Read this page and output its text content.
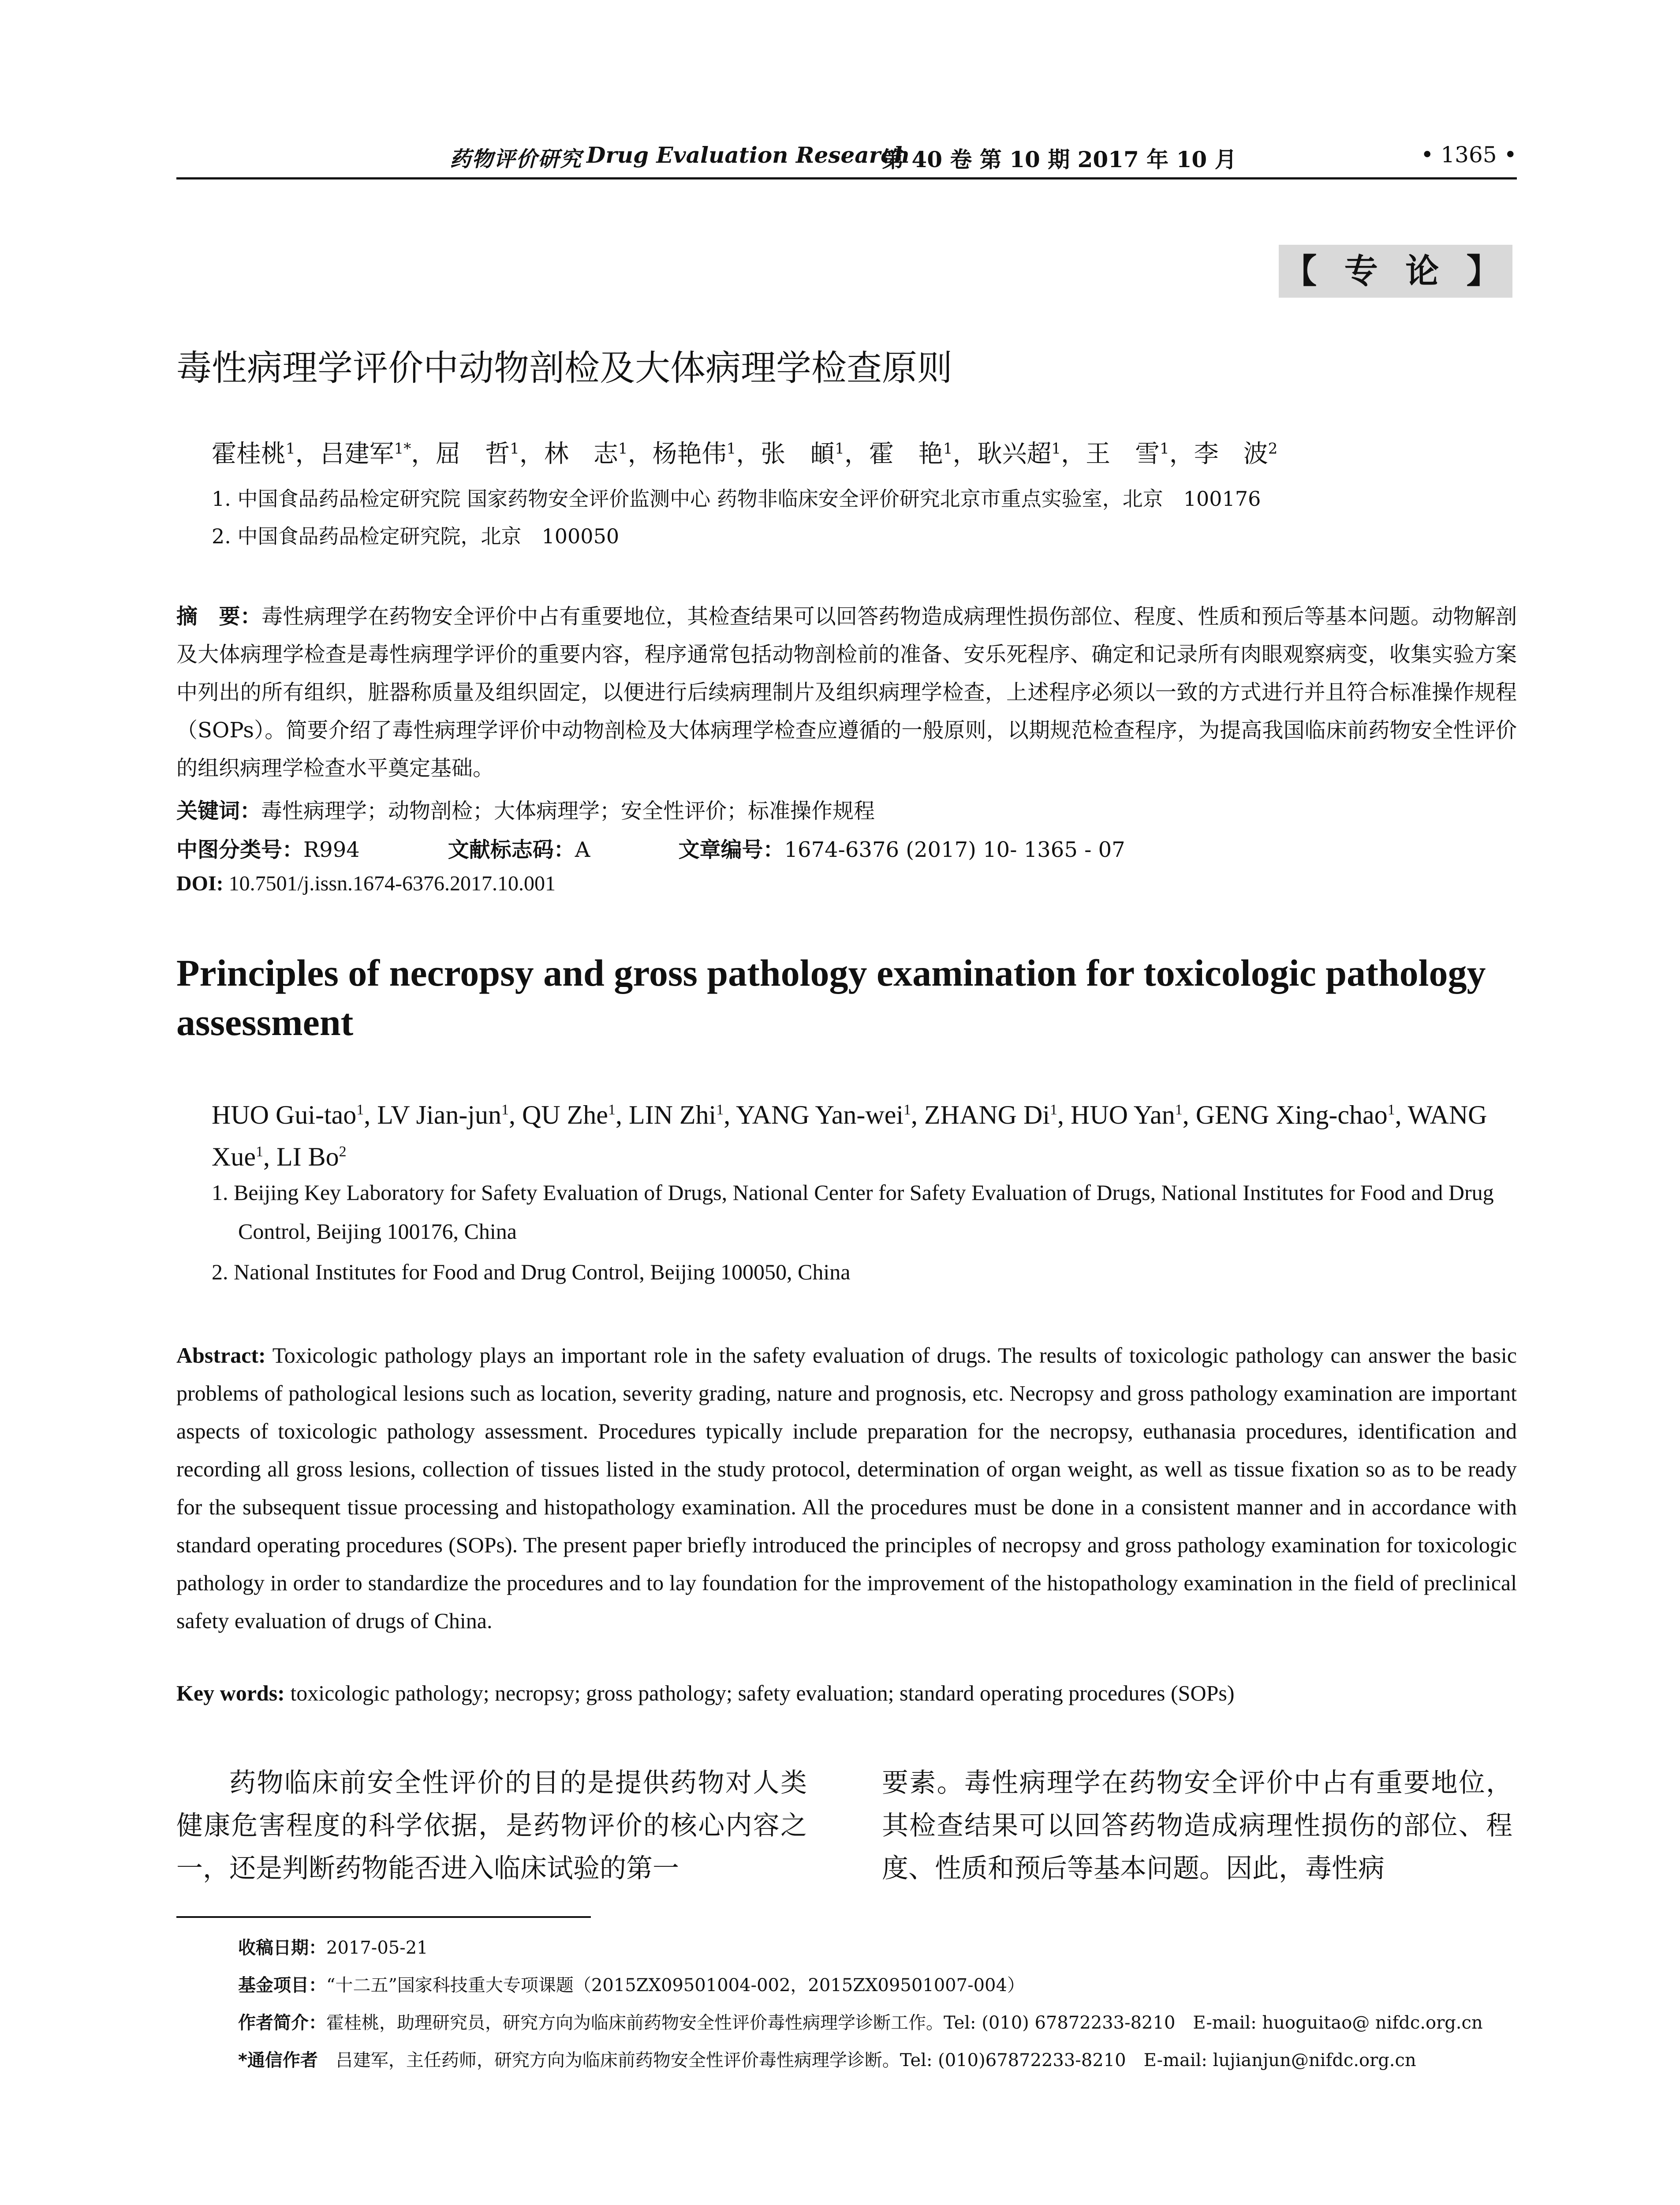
药物评价研究 Drug Evaluation Research
第 40 卷 第 10 期 2017 年 10 月	• 1365 •
【 专 论 】
毒性病理学评价中动物剖检及大体病理学检查原则
霍桂桃$^1$，吕建军$^{1*}$，屈　哲$^1$，林　志$^1$，杨艳伟$^1$，张　頔$^1$，霍　艳$^1$，耿兴超$^1$，王　雪$^1$，李　波$^2$
1. 中国食品药品检定研究院 国家药物安全评价监测中心 药物非临床安全评价研究北京市重点实验室，北京　100176
2. 中国食品药品检定研究院，北京　100050
摘　要：毒性病理学在药物安全评价中占有重要地位，其检查结果可以回答药物造成病理性损伤部位、程度、性质和预后等基本问题。动物解剖及大体病理学检查是毒性病理学评价的重要内容，程序通常包括动物剖检前的准备、安乐死程序、确定和记录所有肉眼观察病变，收集实验方案中列出的所有组织，脏器称质量及组织固定，以便进行后续病理制片及组织病理学检查，上述程序必须以一致的方式进行并且符合标准操作规程（SOPs）。简要介绍了毒性病理学评价中动物剖检及大体病理学检查应遵循的一般原则，以期规范检查程序，为提高我国临床前药物安全性评价的组织病理学检查水平奠定基础。
关键词：毒性病理学；动物剖检；大体病理学；安全性评价；标准操作规程
中图分类号：R994	文献标志码：A	文章编号：1674-6376 (2017) 10- 1365 - 07
DOI: 10.7501/j.issn.1674-6376.2017.10.001
Principles of necropsy and gross pathology examination for toxicologic pathology assessment
HUO Gui-tao$^1$, LV Jian-jun$^1$, QU Zhe$^1$, LIN Zhi$^1$, YANG Yan-wei$^1$, ZHANG Di$^1$, HUO Yan$^1$, GENG Xing-chao$^1$, WANG Xue$^1$, LI Bo$^2$
1. Beijing Key Laboratory for Safety Evaluation of Drugs, National Center for Safety Evaluation of Drugs, National Institutes for Food and Drug Control, Beijing 100176, China
2. National Institutes for Food and Drug Control, Beijing 100050, China
Abstract: Toxicologic pathology plays an important role in the safety evaluation of drugs. The results of toxicologic pathology can answer the basic problems of pathological lesions such as location, severity grading, nature and prognosis, etc. Necropsy and gross pathology examination are important aspects of toxicologic pathology assessment. Procedures typically include preparation for the necropsy, euthanasia procedures, identification and recording all gross lesions, collection of tissues listed in the study protocol, determination of organ weight, as well as tissue fixation so as to be ready for the subsequent tissue processing and histopathology examination. All the procedures must be done in a consistent manner and in accordance with standard operating procedures (SOPs). The present paper briefly introduced the principles of necropsy and gross pathology examination for toxicologic pathology in order to standardize the procedures and to lay foundation for the improvement of the histopathology examination in the field of preclinical safety evaluation of drugs of China.
Key words: toxicologic pathology; necropsy; gross pathology; safety evaluation; standard operating procedures (SOPs)
药物临床前安全性评价的目的是提供药物对人类健康危害程度的科学依据，是药物评价的核心内容之一，还是判断药物能否进入临床试验的第一
要素。毒性病理学在药物安全评价中占有重要地位，其检查结果可以回答药物造成病理性损伤的部位、程度、性质和预后等基本问题。因此，毒性病
收稿日期：2017-05-21
基金项目：“十二五”国家科技重大专项课题（2015ZX09501004-002，2015ZX09501007-004）
作者简介：霍桂桃，助理研究员，研究方向为临床前药物安全性评价毒性病理学诊断工作。Tel: (010) 67872233-8210　E-mail: huoguitao@ nifdc.org.cn
*通信作者　 吕建军，主任药师，研究方向为临床前药物安全性评价毒性病理学诊断。Tel: (010)67872233-8210　E-mail: lujianjun@nifdc.org.cn
